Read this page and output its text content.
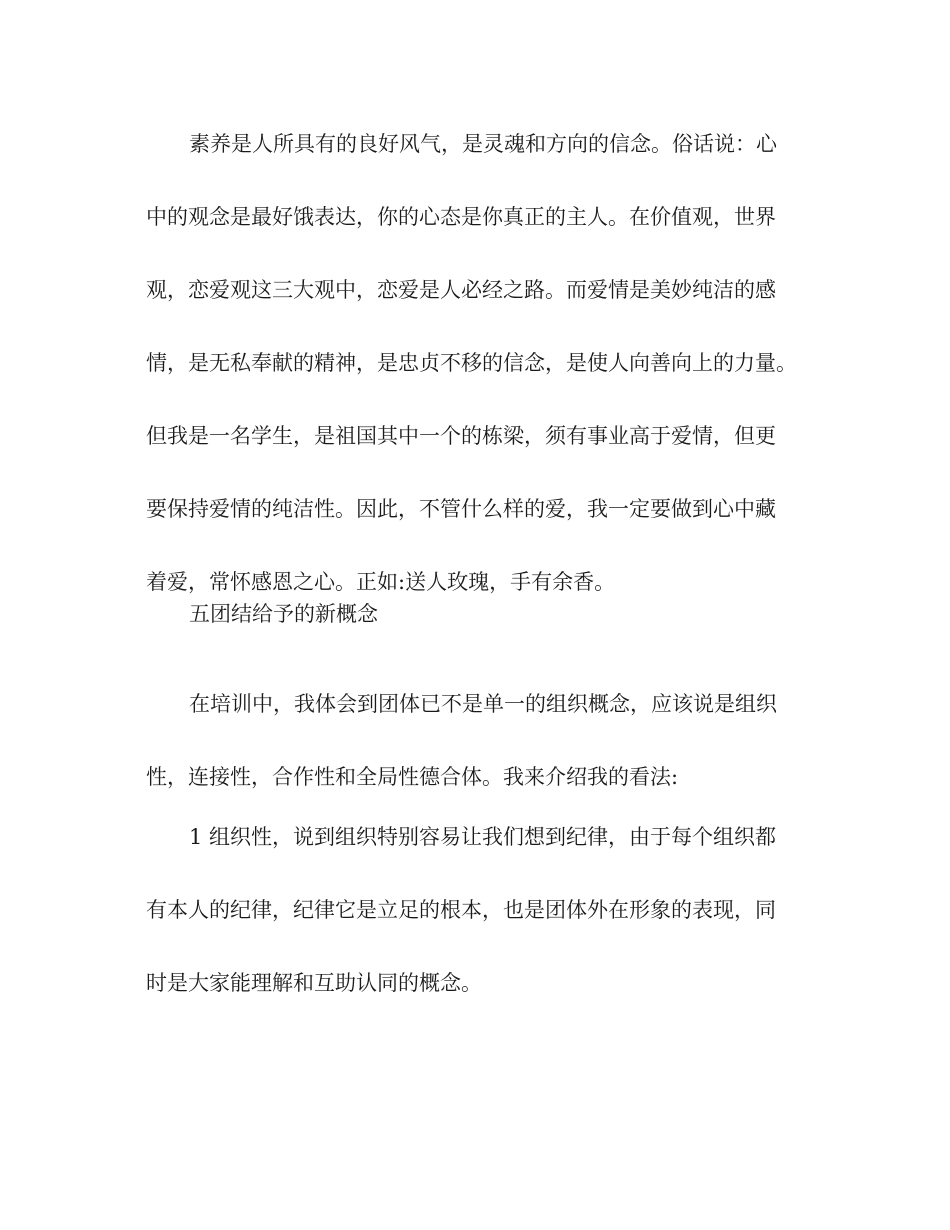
素养是人所具有的良好风气，是灵魂和方向的信念。俗话说：心
中的观念是最好饿表达，你的心态是你真正的主人。在价值观，世界
观，恋爱观这三大观中，恋爱是人必经之路。而爱情是美妙纯洁的感
情，是无私奉献的精神，是忠贞不移的信念，是使人向善向上的力量。
但我是一名学生，是祖国其中一个的栋梁，须有事业高于爱情，但更
要保持爱情的纯洁性。因此，不管什么样的爱，我一定要做到心中藏
着爱，常怀感恩之心。正如:送人玫瑰，手有余香。
五团结给予的新概念
在培训中，我体会到团体已不是单一的组织概念，应该说是组织
性，连接性，合作性和全局性德合体。我来介绍我的看法:
1 组织性，说到组织特别容易让我们想到纪律，由于每个组织都
有本人的纪律，纪律它是立足的根本，也是团体外在形象的表现，同
时是大家能理解和互助认同的概念。
